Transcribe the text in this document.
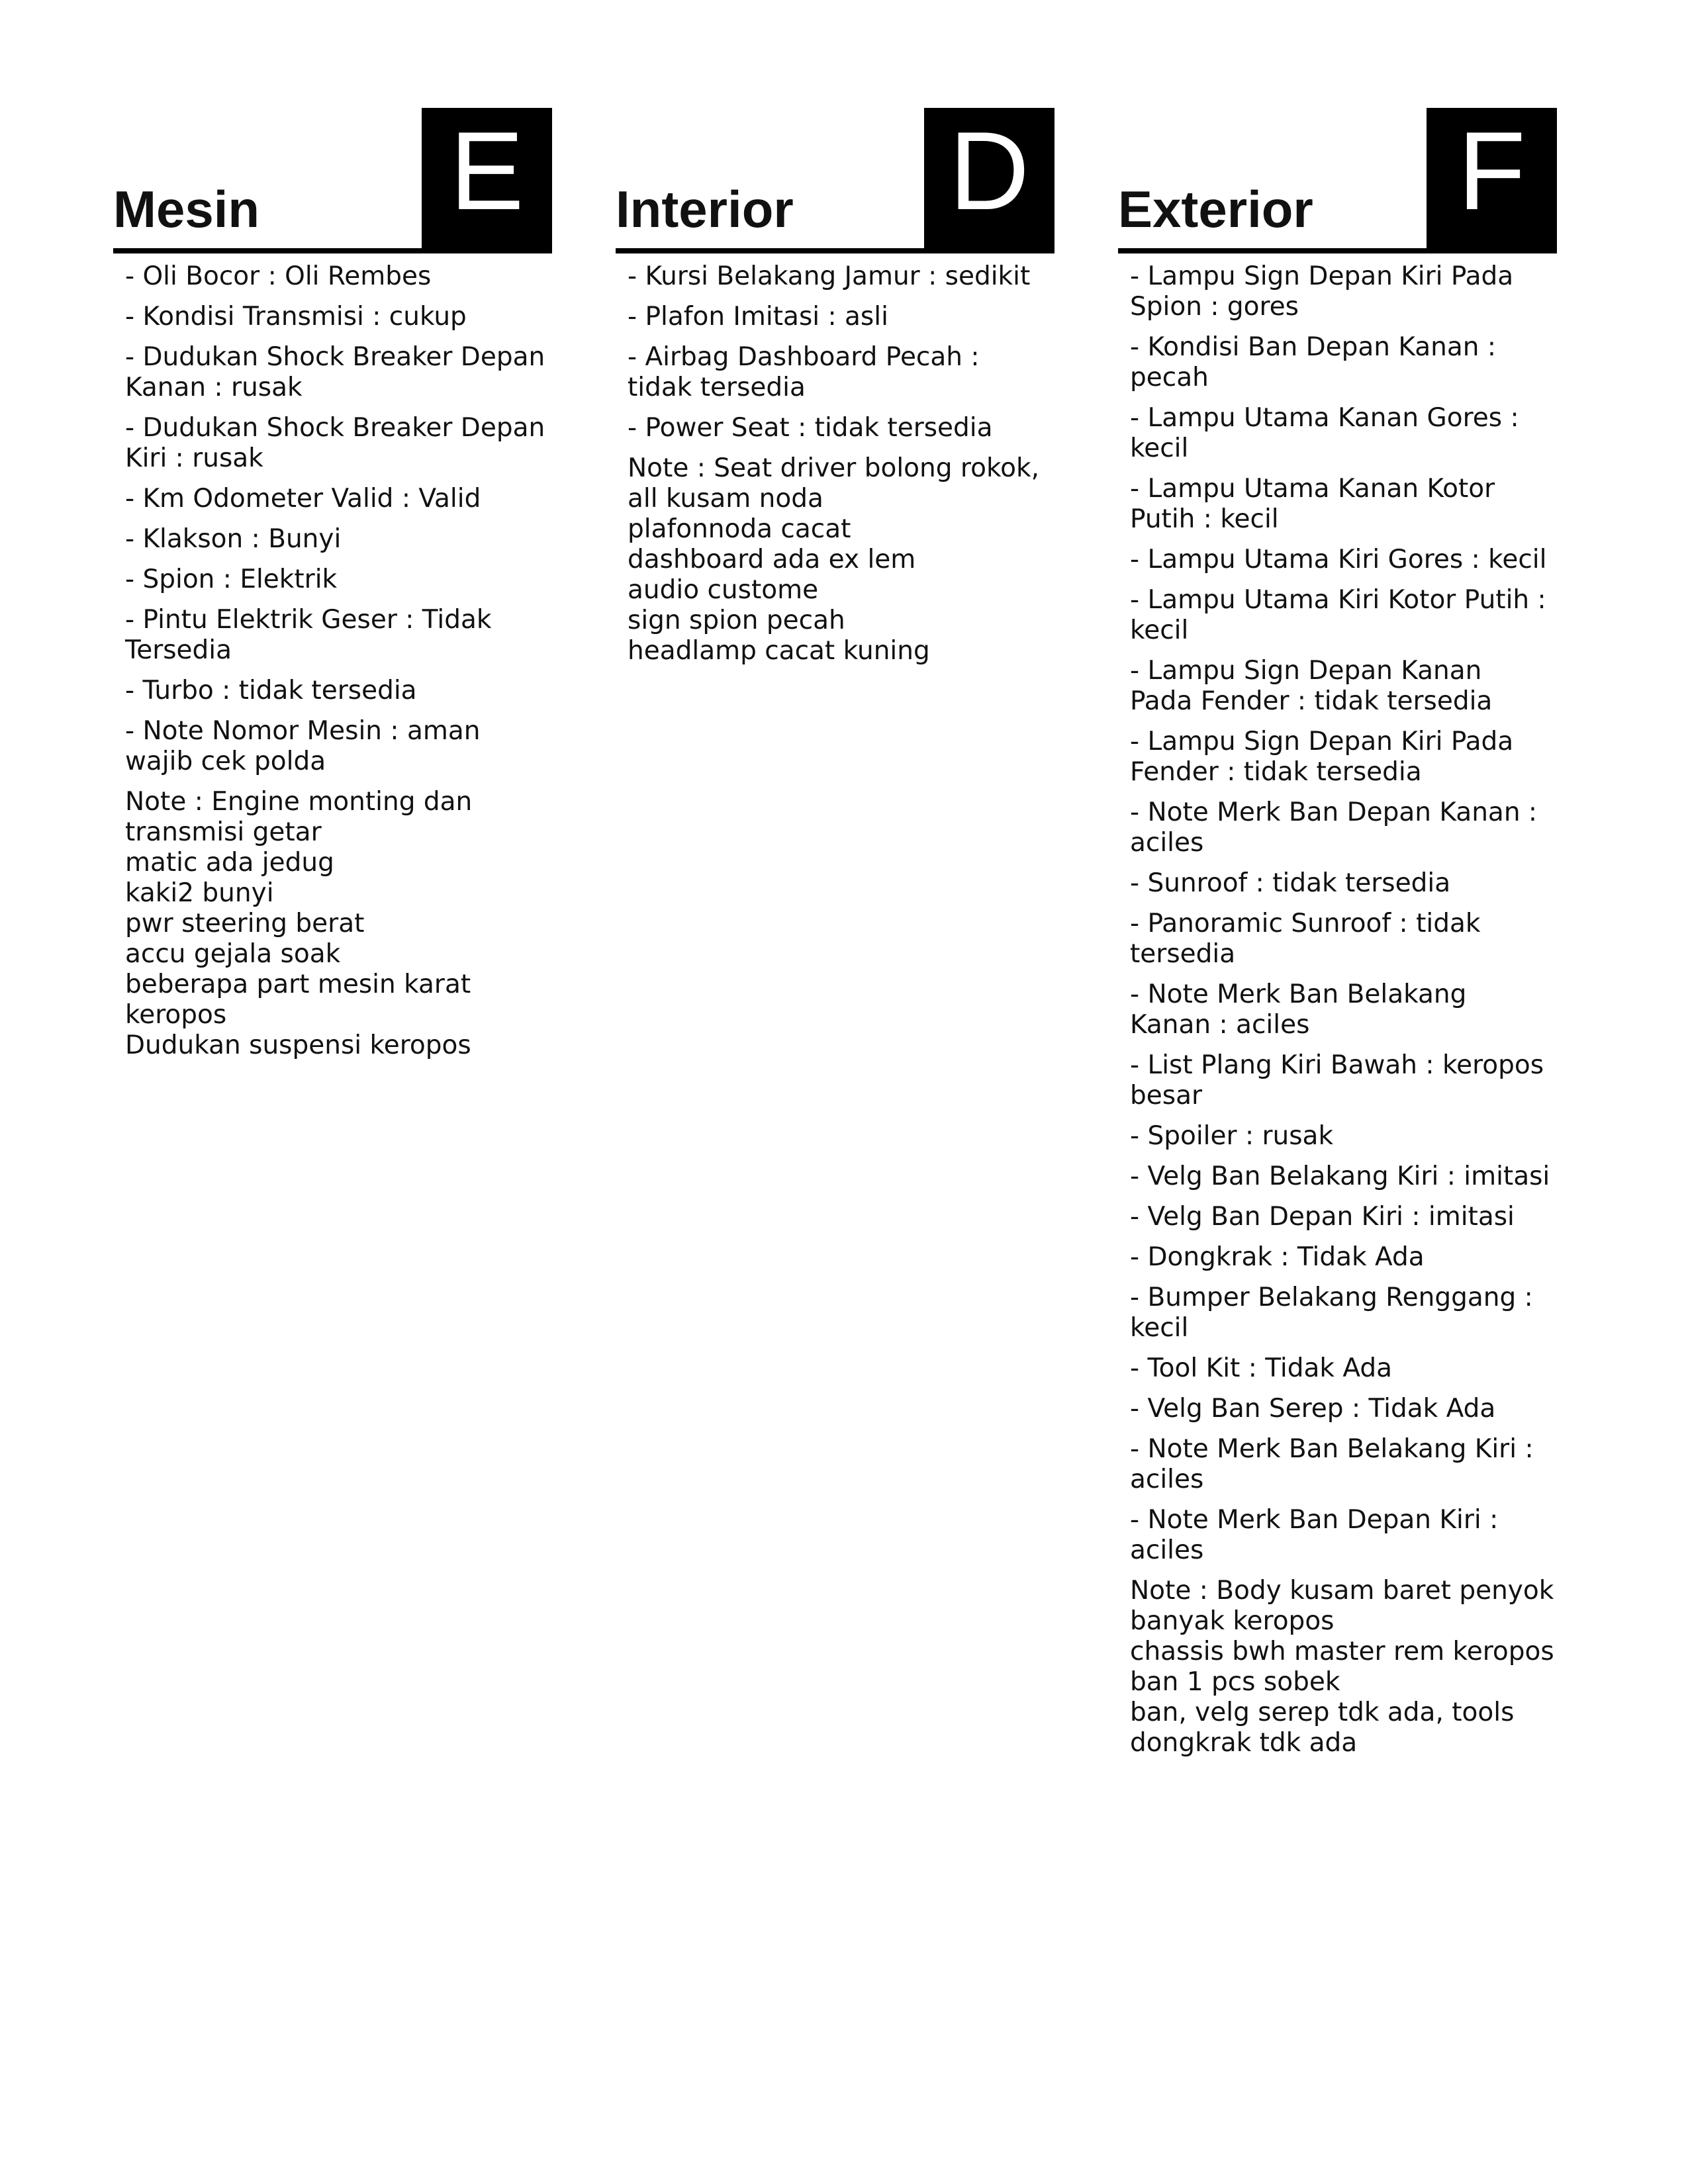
Mesin E
- Oli Bocor : Oli Rembes
- Kondisi Transmisi : cukup
- Dudukan Shock Breaker Depan Kanan : rusak
- Dudukan Shock Breaker Depan Kiri : rusak
- Km Odometer Valid : Valid
- Klakson : Bunyi
- Spion : Elektrik
- Pintu Elektrik Geser : Tidak Tersedia
- Turbo : tidak tersedia
- Note Nomor Mesin : aman wajib cek polda

Note : Engine monting dan transmisi getar
matic ada jedug
kaki2 bunyi
pwr steering berat
accu gejala soak
beberapa part mesin karat keropos
Dudukan suspensi keropos

Interior D
- Kursi Belakang Jamur : sedikit
- Plafon Imitasi : asli
- Airbag Dashboard Pecah : tidak tersedia
- Power Seat : tidak tersedia

Note : Seat driver bolong rokok, all kusam noda
plafonnoda cacat
dashboard ada ex lem
audio custome
sign spion pecah
headlamp cacat kuning

Exterior F
- Lampu Sign Depan Kiri Pada Spion : gores
- Kondisi Ban Depan Kanan : pecah
- Lampu Utama Kanan Gores : kecil
- Lampu Utama Kanan Kotor Putih : kecil
- Lampu Utama Kiri Gores : kecil
- Lampu Utama Kiri Kotor Putih : kecil
- Lampu Sign Depan Kanan Pada Fender : tidak tersedia
- Lampu Sign Depan Kiri Pada Fender : tidak tersedia
- Note Merk Ban Depan Kanan : aciles
- Sunroof : tidak tersedia
- Panoramic Sunroof : tidak tersedia
- Note Merk Ban Belakang Kanan : aciles
- List Plang Kiri Bawah : keropos besar
- Spoiler : rusak
- Velg Ban Belakang Kiri : imitasi
- Velg Ban Depan Kiri : imitasi
- Dongkrak : Tidak Ada
- Bumper Belakang Renggang : kecil
- Tool Kit : Tidak Ada
- Velg Ban Serep : Tidak Ada
- Note Merk Ban Belakang Kiri : aciles
- Note Merk Ban Depan Kiri : aciles

Note : Body kusam baret penyok banyak keropos
chassis bwh master rem keropos
ban 1 pcs sobek
ban, velg serep tdk ada, tools dongkrak tdk ada
